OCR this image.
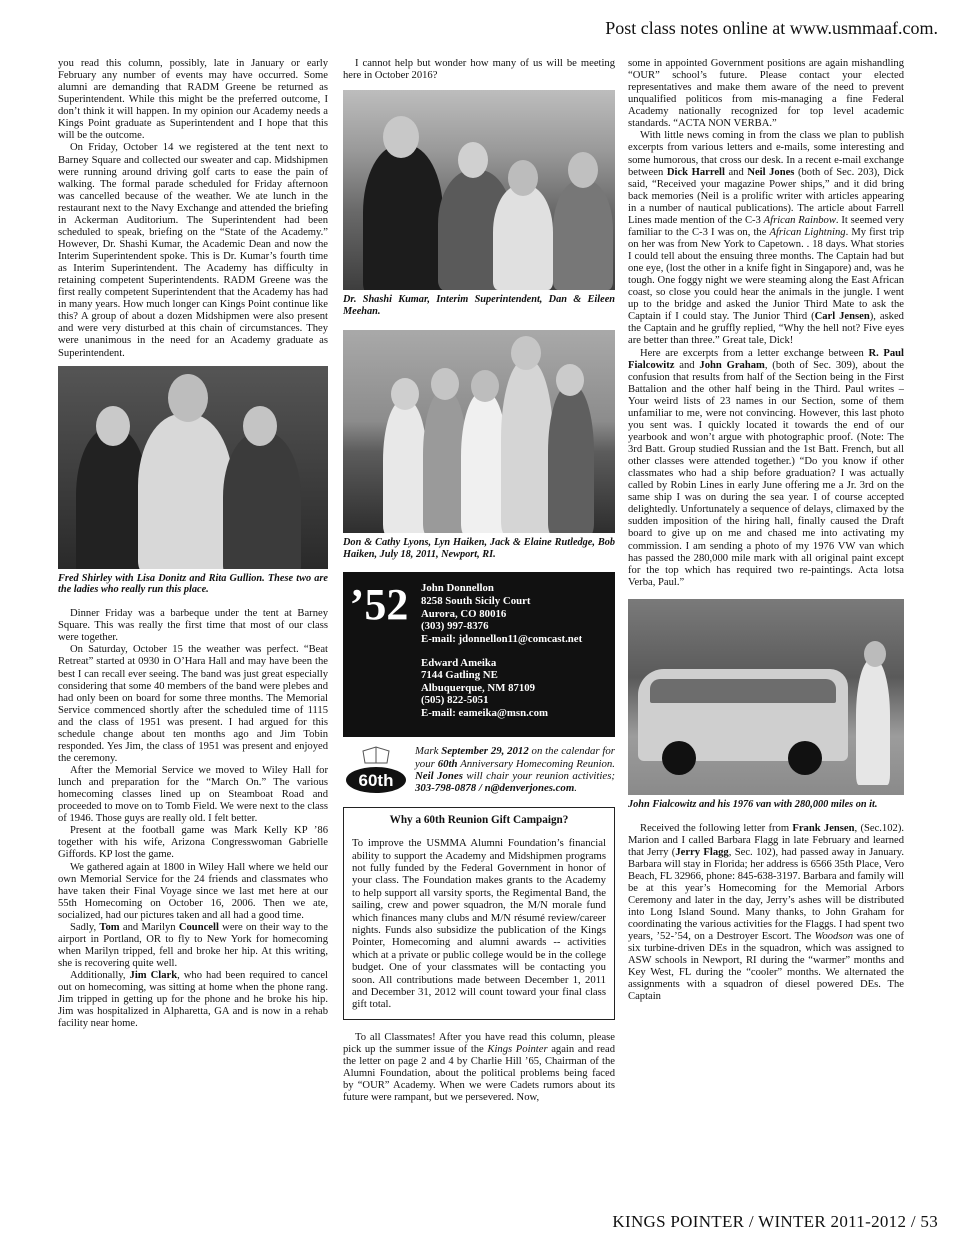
Post class notes online at www.usmmaaf.com.

you read this column, possibly, late in January or early February any number of events may have occurred. Some alumni are demanding that RADM Greene be returned as Superintendent. While this might be the preferred outcome, I don’t think it will happen. In my opinion our Academy needs a Kings Point graduate as Superintendent and I hope that this will be the outcome.

On Friday, October 14 we registered at the tent next to Barney Square and collected our sweater and cap. Midshipmen were running around driving golf carts to ease the pain of walking. The formal parade scheduled for Friday afternoon was cancelled because of the weather. We ate lunch in the restaurant next to the Navy Exchange and attended the briefing in Ackerman Auditorium. The Superintendent had been scheduled to speak, briefing on the “State of the Academy.” However, Dr. Shashi Kumar, the Academic Dean and now the Interim Superintendent spoke. This is Dr. Kumar’s fourth time as Interim Superintendent. The Academy has difficulty in retaining competent Superintendents. RADM Greene was the first really competent Superintendent that the Academy has had in many years. How much longer can Kings Point continue like this? A group of about a dozen Midshipmen were also present and were very disturbed at this chain of circumstances. They were unanimous in the need for an Academy graduate as Superintendent.

Fred Shirley with Lisa Donitz and Rita Gullion. These two are the ladies who really run this place.

Dinner Friday was a barbeque under the tent at Barney Square. This was really the first time that most of our class were together.

On Saturday, October 15 the weather was perfect. “Beat Retreat” started at 0930 in O’Hara Hall and may have been the best I can recall ever seeing. The band was just great especially considering that some 40 members of the band were plebes and had only been on board for some three months. The Memorial Service commenced shortly after the scheduled time of 1115 and the class of 1951 was present. I had argued for this schedule change about ten months ago and Jim Tobin responded. Yes Jim, the class of 1951 was present and enjoyed the ceremony.

After the Memorial Service we moved to Wiley Hall for lunch and preparation for the “March On.” The various homecoming classes lined up on Steamboat Road and proceeded to move on to Tomb Field. We were next to the class of 1946. Those guys are really old. I felt better.

Present at the football game was Mark Kelly KP ’86 together with his wife, Arizona Congresswoman Gabrielle Giffords. KP lost the game.

We gathered again at 1800 in Wiley Hall where we held our own Memorial Service for the 24 friends and classmates who have taken their Final Voyage since we last met here at our 55th Homecoming on October 16, 2006. Then we ate, socialized, had our pictures taken and all had a good time.

Sadly, Tom and Marilyn Councell were on their way to the airport in Portland, OR to fly to New York for homecoming when Marilyn tripped, fell and broke her hip. At this writing, she is recovering quite well.

Additionally, Jim Clark, who had been required to cancel out on homecoming, was sitting at home when the phone rang. Jim tripped in getting up for the phone and he broke his hip. Jim was hospitalized in Alpharetta, GA and is now in a rehab facility near home.

I cannot help but wonder how many of us will be meeting here in October 2016?

Dr. Shashi Kumar, Interim Superintendent, Dan & Eileen Meehan.

Don & Cathy Lyons, Lyn Haiken, Jack & Elaine Rutledge, Bob Haiken, July 18, 2011, Newport, RI.

’52	John Donnellon
8258 South Sicily Court
Aurora, CO 80016
(303) 997-8376
E-mail: jdonnellon11@comcast.net
Edward Ameika
7144 Gatling NE
Albuquerque, NM 87109
(505) 822-5051
E-mail: eameika@msn.com
60th
Mark September 29, 2012 on the calendar for your 60th Anniversary Homecoming Reunion. Neil Jones will chair your reunion activities; 303-798-0878 / n@denverjones.com.
Why a 60th Reunion Gift Campaign?

To improve the USMMA Alumni Foundation’s financial ability to support the Academy and Midshipmen programs not fully funded by the Federal Government in honor of your class. The Foundation makes grants to the Academy to help support all varsity sports, the Regimental Band, the sailing, crew and power squadron, the M/N morale fund which finances many clubs and M/N résumé review/career nights. Funds also subsidize the publication of the Kings Pointer, Homecoming and alumni awards -- activities which at a private or public college would be in the college budget. One of your classmates will be contacting you soon. All contributions made between December 1, 2011 and December 31, 2012 will count toward your final class gift total.

To all Classmates! After you have read this column, please pick up the summer issue of the Kings Pointer again and read the letter on page 2 and 4 by Charlie Hill ’65, Chairman of the Alumni Foundation, about the political problems being faced by “OUR” Academy. When we were Cadets rumors about its future were rampant, but we persevered. Now,

some in appointed Government positions are again mishandling “OUR” school’s future. Please contact your elected representatives and make them aware of the need to prevent unqualified politicos from mis-managing a fine Federal Academy nationally recognized for top level academic standards. “ACTA NON VERBA.”

With little news coming in from the class we plan to publish excerpts from various letters and e-mails, some interesting and some humorous, that cross our desk. In a recent e-mail exchange between Dick Harrell and Neil Jones (both of Sec. 203), Dick said, “Received your magazine Power ships,” and it did bring back memories (Neil is a prolific writer with articles appearing in a number of nautical publications). The article about Farrell Lines made mention of the C-3 African Rainbow. It seemed very familiar to the C-3 I was on, the African Lightning. My first trip on her was from New York to Capetown. . 18 days. What stories I could tell about the ensuing three months. The Captain had but one eye, (lost the other in a knife fight in Singapore) and, was he tough. One foggy night we were steaming along the East African coast, so close you could hear the animals in the jungle. I went up to the bridge and asked the Junior Third Mate to ask the Captain if I could stay. The Junior Third (Carl Jensen), asked the Captain and he gruffly replied, “Why the hell not? Five eyes are better than three.” Great tale, Dick!

Here are excerpts from a letter exchange between R. Paul Fialcowitz and John Graham, (both of Sec. 309), about the confusion that results from half of the Section being in the First Battalion and the other half being in the Third. Paul writes – Your weird lists of 23 names in our Section, some of them unfamiliar to me, were not convincing. However, this last photo you sent was. I quickly located it towards the end of our yearbook and won’t argue with photographic proof. (Note: The 3rd Batt. Group studied Russian and the 1st Batt. French, but all other classes were attended together.) “Do you know if other classmates who had a ship before graduation? I was actually called by Robin Lines in early June offering me a Jr. 3rd on the same ship I was on during the sea year. I of course accepted delightedly. Unfortunately a sequence of delays, climaxed by the sudden imposition of the hiring hall, finally caused the Draft board to give up on me and chased me into activating my commission. I am sending a photo of my 1976 VW van which has passed the 280,000 mile mark with all original paint except for the top which has required two re-paintings. Acta lotsa Verba, Paul.”

John Fialcowitz and his 1976 van with 280,000 miles on it.

Received the following letter from Frank Jensen, (Sec.102). Marion and I called Barbara Flagg in late February and learned that Jerry (Jerry Flagg, Sec. 102), had passed away in January. Barbara will stay in Florida; her address is 6566 35th Place, Vero Beach, FL 32966, phone: 845-638-3197. Barbara and family will be at this year’s Homecoming for the Memorial Arbors Ceremony and later in the day, Jerry’s ashes will be distributed into Long Island Sound. Many thanks, to John Graham for coordinating the various activities for the Flaggs. I had spent two years, ’52-’54, on a Destroyer Escort. The Woodson was one of six turbine-driven DEs in the squadron, which was assigned to ASW schools in Newport, RI during the “warmer” months and Key West, FL during the “cooler” months. We alternated the assignments with a squadron of diesel powered DEs. The Captain

KINGS POINTER / WINTER 2011-2012 / 53
